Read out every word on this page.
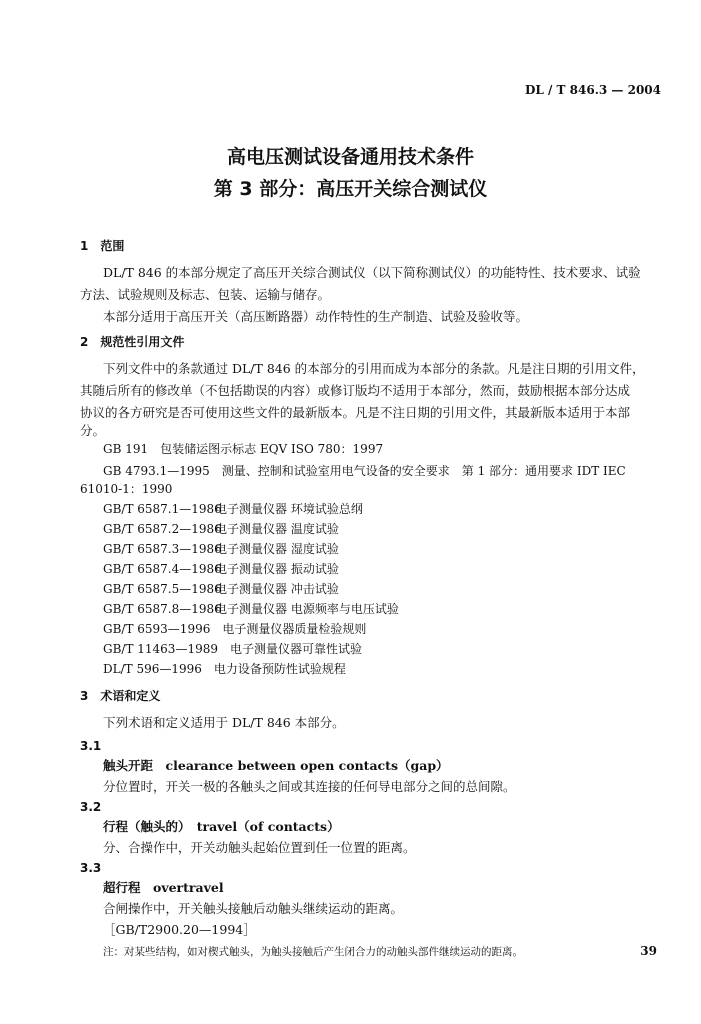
DL / T 846.3 — 2004
高电压测试设备通用技术条件
第 3 部分：高压开关综合测试仪
1　范围
DL/T 846 的本部分规定了高压开关综合测试仪（以下简称测试仪）的功能特性、技术要求、试验
方法、试验规则及标志、包装、运输与储存。
本部分适用于高压开关（高压断路器）动作特性的生产制造、试验及验收等。
2　规范性引用文件
下列文件中的条款通过 DL/T 846 的本部分的引用而成为本部分的条款。凡是注日期的引用文件，
其随后所有的修改单（不包括勘误的内容）或修订版均不适用于本部分，然而，鼓励根据本部分达成
协议的各方研究是否可使用这些文件的最新版本。凡是不注日期的引用文件，其最新版本适用于本部
分。
GB 191　 包装储运图示标志 EQV ISO 780：1997
GB 4793.1—1995　 测量、控制和试验室用电气设备的安全要求　第 1 部分：通用要求 IDT IEC
61010-1：1990
GB/T 6587.1—1986电子测量仪器 环境试验总纲
GB/T 6587.2—1986电子测量仪器 温度试验
GB/T 6587.3—1986电子测量仪器 湿度试验
GB/T 6587.4—1986电子测量仪器 振动试验
GB/T 6587.5—1986电子测量仪器 冲击试验
GB/T 6587.8—1986电子测量仪器 电源频率与电压试验
GB/T 6593—1996　 电子测量仪器质量检验规则
GB/T 11463—1989　 电子测量仪器可靠性试验
DL/T 596—1996　 电力设备预防性试验规程
3　术语和定义
下列术语和定义适用于 DL/T 846 本部分。
3.1
触头开距　clearance between open contacts（gap）
分位置时，开关一极的各触头之间或其连接的任何导电部分之间的总间隙。
3.2
行程（触头的）　travel（of contacts）
分、合操作中，开关动触头起始位置到任一位置的距离。
3.3
超行程　overtravel
合闸操作中，开关触头接触后动触头继续运动的距离。
［GB/T2900.20—1994］
注：对某些结构，如对楔式触头，为触头接触后产生闭合力的动触头部件继续运动的距离。	39
